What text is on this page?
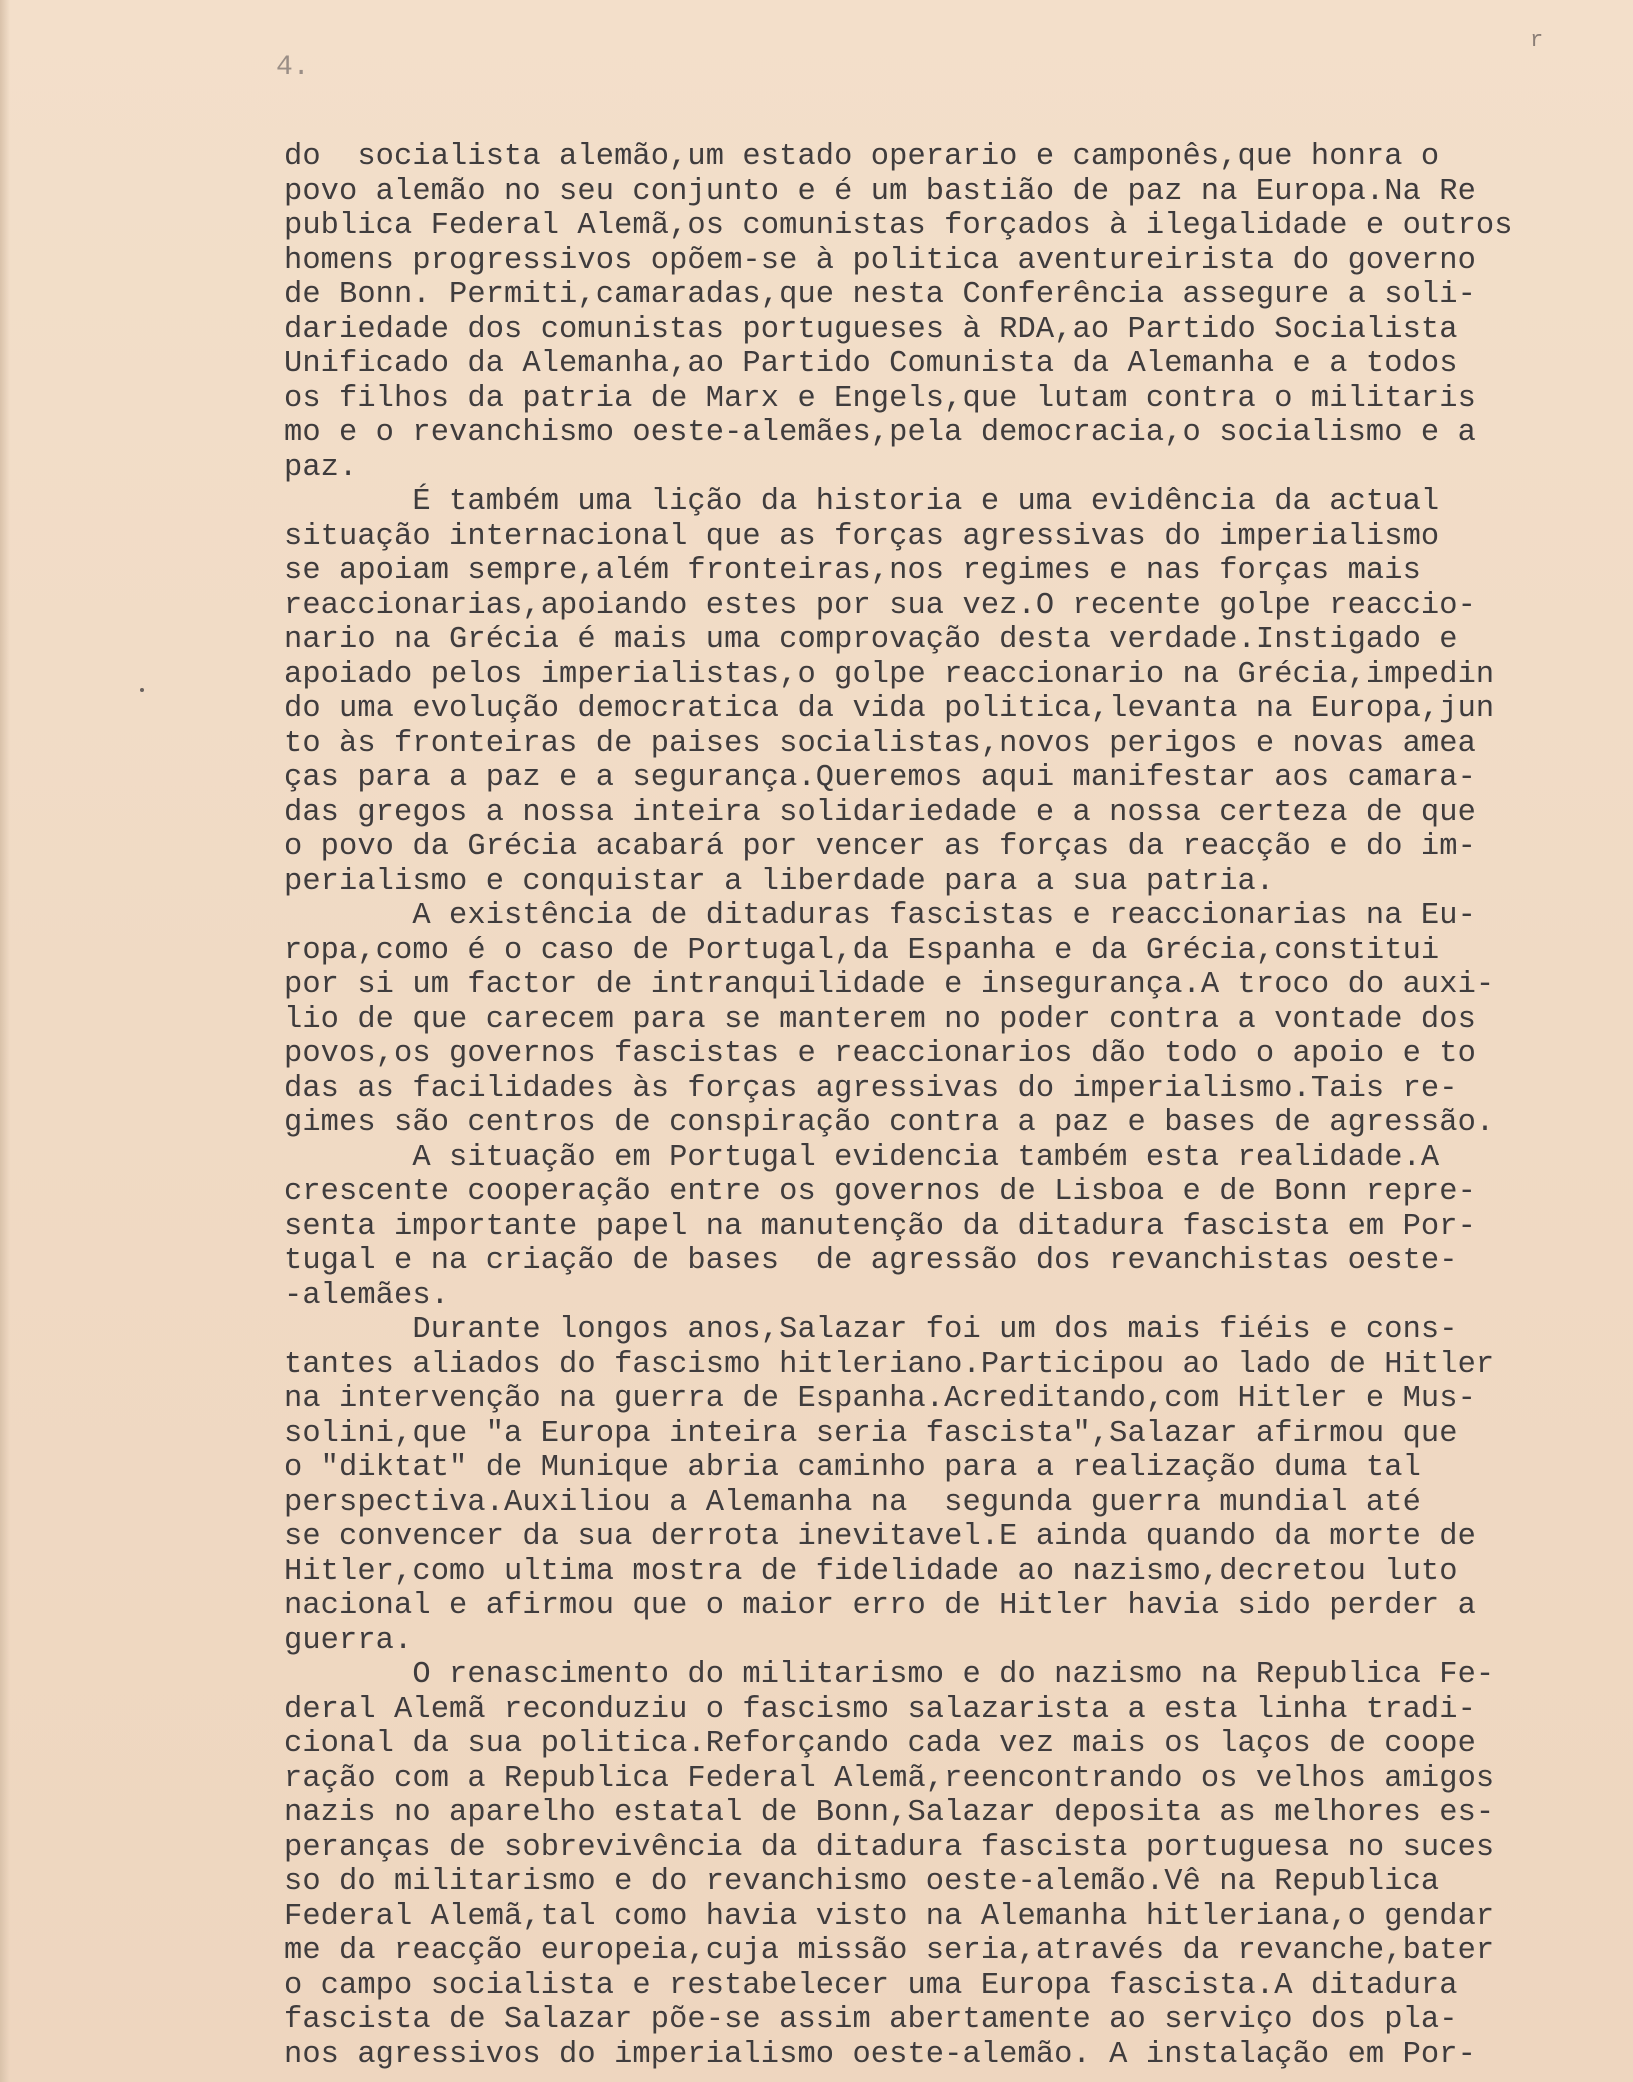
4.
r
do  socialista alemão,um estado operario e camponês,que honra o
povo alemão no seu conjunto e é um bastião de paz na Europa.Na Re
publica Federal Alemã,os comunistas forçados à ilegalidade e outros
homens progressivos opõem-se à politica aventureirista do governo
de Bonn. Permiti,camaradas,que nesta Conferência assegure a soli-
dariedade dos comunistas portugueses à RDA,ao Partido Socialista
Unificado da Alemanha,ao Partido Comunista da Alemanha e a todos
os filhos da patria de Marx e Engels,que lutam contra o militaris
mo e o revanchismo oeste-alemães,pela democracia,o socialismo e a
paz.
É também uma lição da historia e uma evidência da actual
situação internacional que as forças agressivas do imperialismo
se apoiam sempre,além fronteiras,nos regimes e nas forças mais
reaccionarias,apoiando estes por sua vez.O recente golpe reaccio-
nario na Grécia é mais uma comprovação desta verdade.Instigado e
apoiado pelos imperialistas,o golpe reaccionario na Grécia,impedin
do uma evolução democratica da vida politica,levanta na Europa,jun
to às fronteiras de paises socialistas,novos perigos e novas amea
ças para a paz e a segurança.Queremos aqui manifestar aos camara-
das gregos a nossa inteira solidariedade e a nossa certeza de que
o povo da Grécia acabará por vencer as forças da reacção e do im-
perialismo e conquistar a liberdade para a sua patria.
A existência de ditaduras fascistas e reaccionarias na Eu-
ropa,como é o caso de Portugal,da Espanha e da Grécia,constitui
por si um factor de intranquilidade e insegurança.A troco do auxi-
lio de que carecem para se manterem no poder contra a vontade dos
povos,os governos fascistas e reaccionarios dão todo o apoio e to
das as facilidades às forças agressivas do imperialismo.Tais re-
gimes são centros de conspiração contra a paz e bases de agressão.
A situação em Portugal evidencia também esta realidade.A
crescente cooperação entre os governos de Lisboa e de Bonn repre-
senta importante papel na manutenção da ditadura fascista em Por-
tugal e na criação de bases  de agressão dos revanchistas oeste-
-alemães.
Durante longos anos,Salazar foi um dos mais fiéis e cons-
tantes aliados do fascismo hitleriano.Participou ao lado de Hitler
na intervenção na guerra de Espanha.Acreditando,com Hitler e Mus-
solini,que "a Europa inteira seria fascista",Salazar afirmou que
o "diktat" de Munique abria caminho para a realização duma tal
perspectiva.Auxiliou a Alemanha na  segunda guerra mundial até
se convencer da sua derrota inevitavel.E ainda quando da morte de
Hitler,como ultima mostra de fidelidade ao nazismo,decretou luto
nacional e afirmou que o maior erro de Hitler havia sido perder a
guerra.
O renascimento do militarismo e do nazismo na Republica Fe-
deral Alemã reconduziu o fascismo salazarista a esta linha tradi-
cional da sua politica.Reforçando cada vez mais os laços de coope
ração com a Republica Federal Alemã,reencontrando os velhos amigos
nazis no aparelho estatal de Bonn,Salazar deposita as melhores es-
peranças de sobrevivência da ditadura fascista portuguesa no suces
so do militarismo e do revanchismo oeste-alemão.Vê na Republica
Federal Alemã,tal como havia visto na Alemanha hitleriana,o gendar
me da reacção europeia,cuja missão seria,através da revanche,bater
o campo socialista e restabelecer uma Europa fascista.A ditadura
fascista de Salazar põe-se assim abertamente ao serviço dos pla-
nos agressivos do imperialismo oeste-alemão. A instalação em Por-
